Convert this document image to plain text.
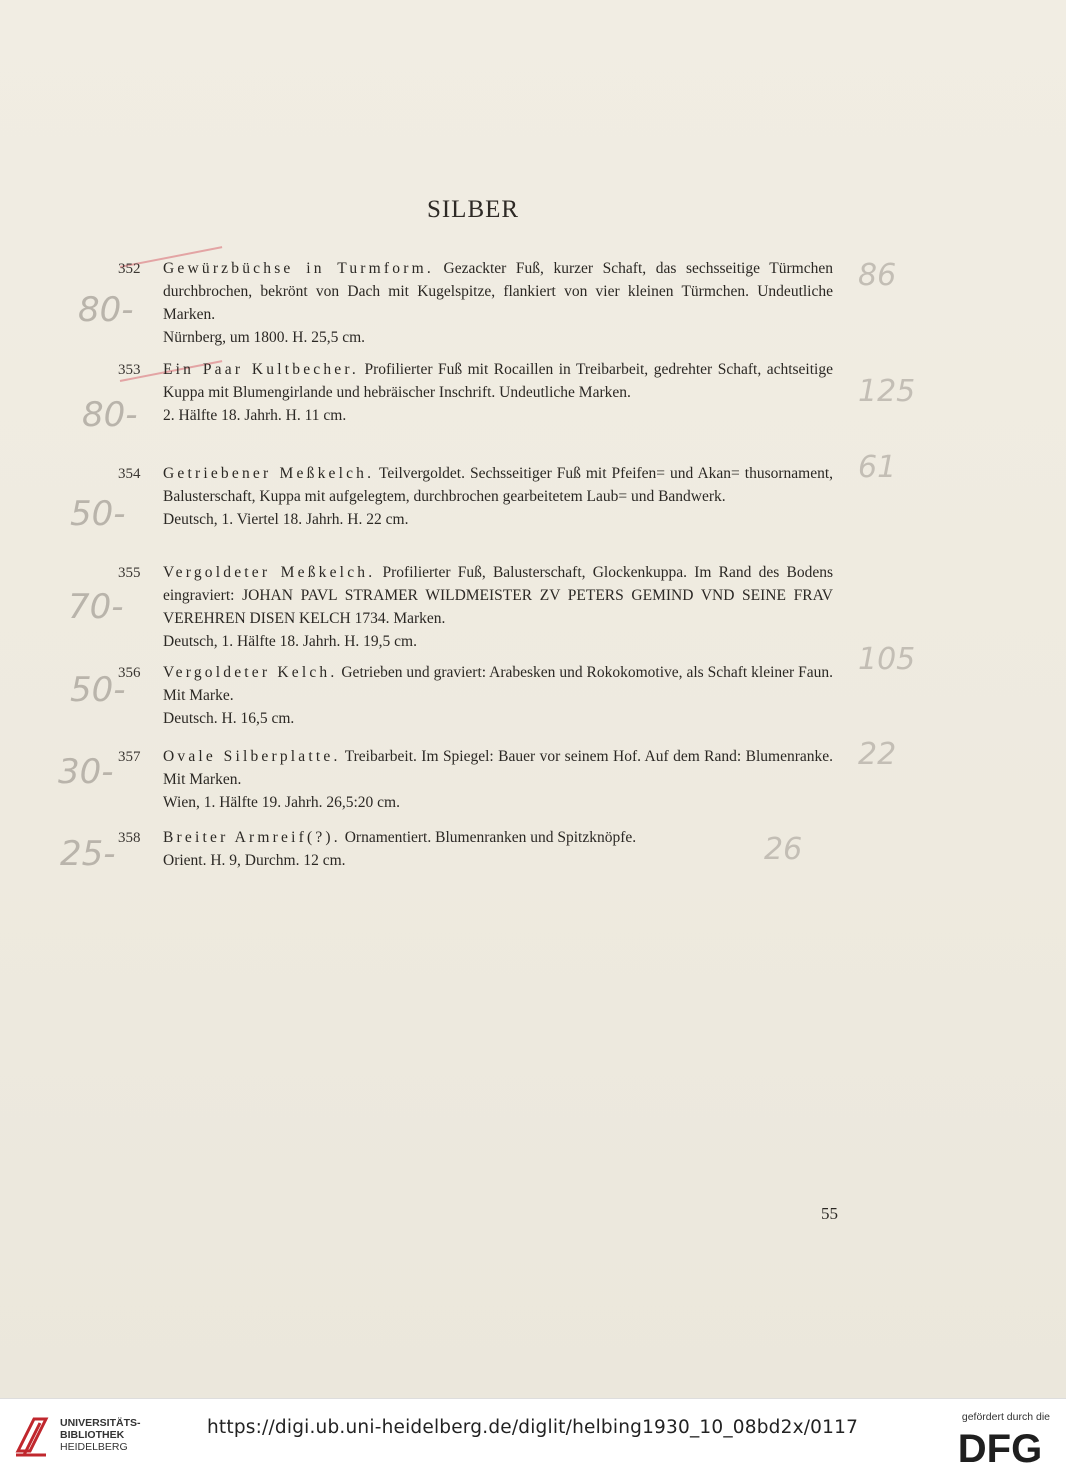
SILBER
352 Gewürzbüchse in Turmform. Gezackter Fuß, kurzer Schaft, das sechsseitige Türmchen durchbrochen, bekrönt von Dach mit Kugelspitze, flankiert von vier kleinen Türmchen. Undeutliche Marken.
Nürnberg, um 1800. H. 25,5 cm.
80-
86
353 Ein Paar Kultbecher. Profilierter Fuß mit Rocaillen in Treibarbeit, gedrehter Schaft, achtseitige Kuppa mit Blumengirlande und hebräischer Inschrift. Undeutliche Marken.
2. Hälfte 18. Jahrh. H. 11 cm.
80-
125
354 Getriebener Meßkelch. Teilvergoldet. Sechsseitiger Fuß mit Pfeifen= und Akan= thusornament, Balusterschaft, Kuppa mit aufgelegtem, durchbrochen gearbeitetem Laub= und Bandwerk.
Deutsch, 1. Viertel 18. Jahrh. H. 22 cm.
50-
61
355 Vergoldeter Meßkelch. Profilierter Fuß, Balusterschaft, Glockenkuppa. Im Rand des Bodens eingraviert: JOHAN PAVL STRAMER WILDMEISTER ZV PETERS GEMIND VND SEINE FRAV VEREHREN DISEN KELCH 1734. Marken.
Deutsch, 1. Hälfte 18. Jahrh. H. 19,5 cm.
70-
356 Vergoldeter Kelch. Getrieben und graviert: Arabesken und Rokokomotive, als Schaft kleiner Faun. Mit Marke.
Deutsch. H. 16,5 cm.
50-
105
357 Ovale Silberplatte. Treibarbeit. Im Spiegel: Bauer vor seinem Hof. Auf dem Rand: Blumenranke. Mit Marken.
Wien, 1. Hälfte 19. Jahrh. 26,5:20 cm.
30-	22
358 Breiter Armreif(?). Ornamentiert. Blumenranken und Spitzknöpfe.
Orient. H. 9, Durchm. 12 cm.
25-	26
55
UNIVERSITÄTS-
BIBLIOTHEK
HEIDELBERG
https://digi.ub.uni-heidelberg.de/diglit/helbing1930_10_08bd2x/0117	gefördert durch die
DFG
